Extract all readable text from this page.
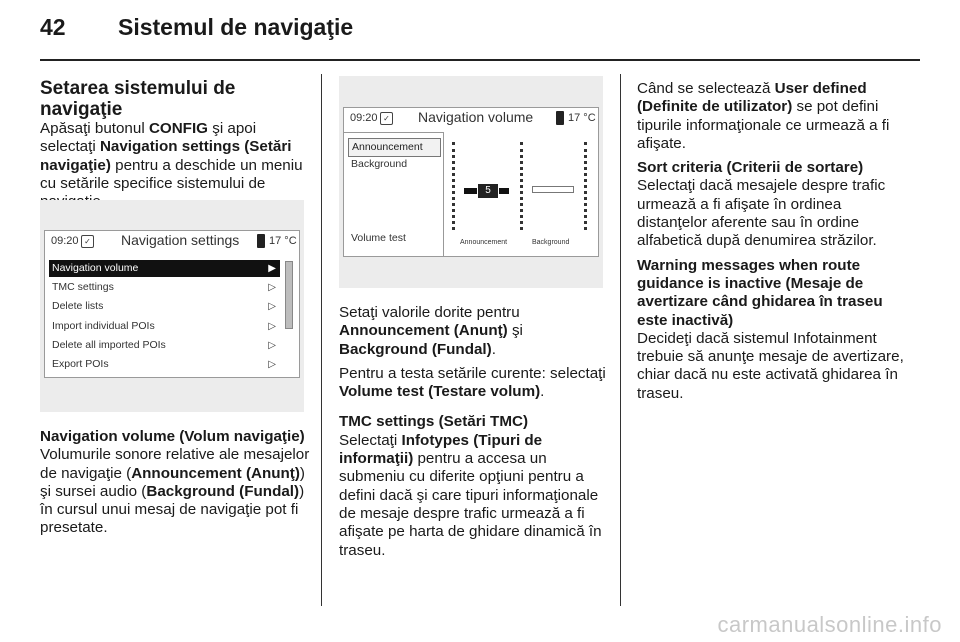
42 Sistemul de navigaţie
Setarea sistemului de navigaţie

Apăsaţi butonul CONFIG şi apoi selectaţi Navigation settings (Setări navigaţie) pentru a deschide un meniu cu setările specifice sistemului de

09:20 ✓ Navigation settings	17 °C
Navigation volume	▶
TMC settings	▷
Delete lists	▷
Import individual POIs	▷
Delete all imported POIs	▷
Export POIs	▷
Navigation volume (Volum navigaţie)

Volumurile sonore relative ale mesajelor de navigaţie (Announcement (Anunţ)) şi sursei audio (Background (Fundal)) în cursul unui mesaj de navigaţie pot fi presetate.

09:20 ✓ Navigation volume	17 °C
Announcement
Background
Volume test
5
Announcement	Background

Setaţi valorile dorite pentru Announcement (Anunţ) şi Background (Fundal).

Pentru a testa setările curente: selectaţi Volume test (Testare volum).

TMC settings (Setări TMC)

Selectaţi Infotypes (Tipuri de informaţii) pentru a accesa un submeniu cu diferite opţiuni pentru a defini dacă şi care tipuri informaţionale de mesaje despre trafic urmează a fi afişate pe harta de ghidare dinamică în traseu.

Când se selectează User defined (Definite de utilizator) se pot defini tipurile informaţionale ce urmează a fi afişate.

Sort criteria (Criterii de sortare)

Selectaţi dacă mesajele despre trafic urmează a fi afişate în ordinea distanţelor aferente sau în ordine alfabetică după denumirea străzilor.

Warning messages when route guidance is inactive (Mesaje de avertizare când ghidarea în traseu este inactivă)

Decideţi dacă sistemul Infotainment trebuie să anunţe mesaje de avertizare, chiar dacă nu este activată ghidarea în traseu.

carmanualsonline.info
